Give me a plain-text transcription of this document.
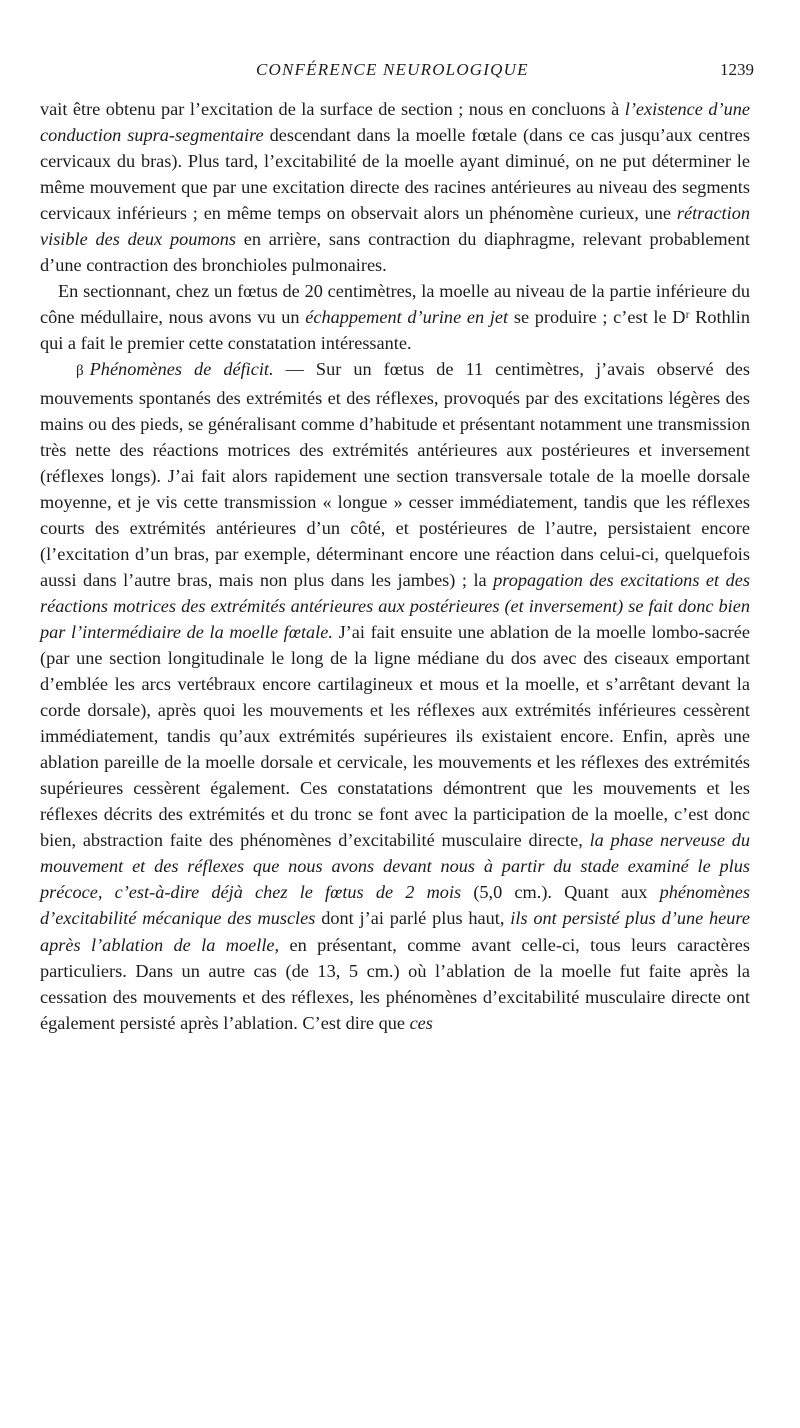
CONFÉRENCE NEUROLOGIQUE	1239

vait être obtenu par l’excitation de la surface de section ; nous en concluons à l’existence d’une conduction supra-segmentaire descendant dans la moelle fœtale (dans ce cas jusqu’aux centres cervicaux du bras). Plus tard, l’excitabilité de la moelle ayant diminué, on ne put déterminer le même mouvement que par une excitation directe des racines antérieures au niveau des segments cervicaux inférieurs ; en même temps on observait alors un phénomène curieux, une rétraction visible des deux poumons en arrière, sans contraction du diaphragme, relevant probablement d’une contraction des bronchioles pulmonaires.

En sectionnant, chez un fœtus de 20 centimètres, la moelle au niveau de la partie inférieure du cône médullaire, nous avons vu un échappement d’urine en jet se produire ; c’est le Dʳ Rothlin qui a fait le premier cette constatation intéressante.

β Phénomènes de déficit. — Sur un fœtus de 11 centimètres, j’avais observé des mouvements spontanés des extrémités et des réflexes, provoqués par des excitations légères des mains ou des pieds, se généralisant comme d’habitude et présentant notamment une transmission très nette des réactions motrices des extrémités antérieures aux postérieures et inversement (réflexes longs). J’ai fait alors rapidement une section transversale totale de la moelle dorsale moyenne, et je vis cette transmission « longue » cesser immédiatement, tandis que les réflexes courts des extrémités antérieures d’un côté, et postérieures de l’autre, persistaient encore (l’excitation d’un bras, par exemple, déterminant encore une réaction dans celui-ci, quelquefois aussi dans l’autre bras, mais non plus dans les jambes) ; la propagation des excitations et des réactions motrices des extrémités antérieures aux postérieures (et inversement) se fait donc bien par l’intermédiaire de la moelle fœtale. J’ai fait ensuite une ablation de la moelle lombo-sacrée (par une section longitudinale le long de la ligne médiane du dos avec des ciseaux emportant d’emblée les arcs vertébraux encore cartilagineux et mous et la moelle, et s’arrêtant devant la corde dorsale), après quoi les mouvements et les réflexes aux extrémités inférieures cessèrent immédiatement, tandis qu’aux extrémités supérieures ils existaient encore. Enfin, après une ablation pareille de la moelle dorsale et cervicale, les mouvements et les réflexes des extrémités supérieures cessèrent également. Ces constatations démontrent que les mouvements et les réflexes décrits des extrémités et du tronc se font avec la participation de la moelle, c’est donc bien, abstraction faite des phénomènes d’excitabilité musculaire directe, la phase nerveuse du mouvement et des réflexes que nous avons devant nous à partir du stade examiné le plus précoce, c’est-à-dire déjà chez le fœtus de 2 mois (5,0 cm.). Quant aux phénomènes d’excitabilité mécanique des muscles dont j’ai parlé plus haut, ils ont persisté plus d’une heure après l’ablation de la moelle, en présentant, comme avant celle-ci, tous leurs caractères particuliers. Dans un autre cas (de 13, 5 cm.) où l’ablation de la moelle fut faite après la cessation des mouvements et des réflexes, les phénomènes d’excitabilité musculaire directe ont également persisté après l’ablation. C’est dire que ces
